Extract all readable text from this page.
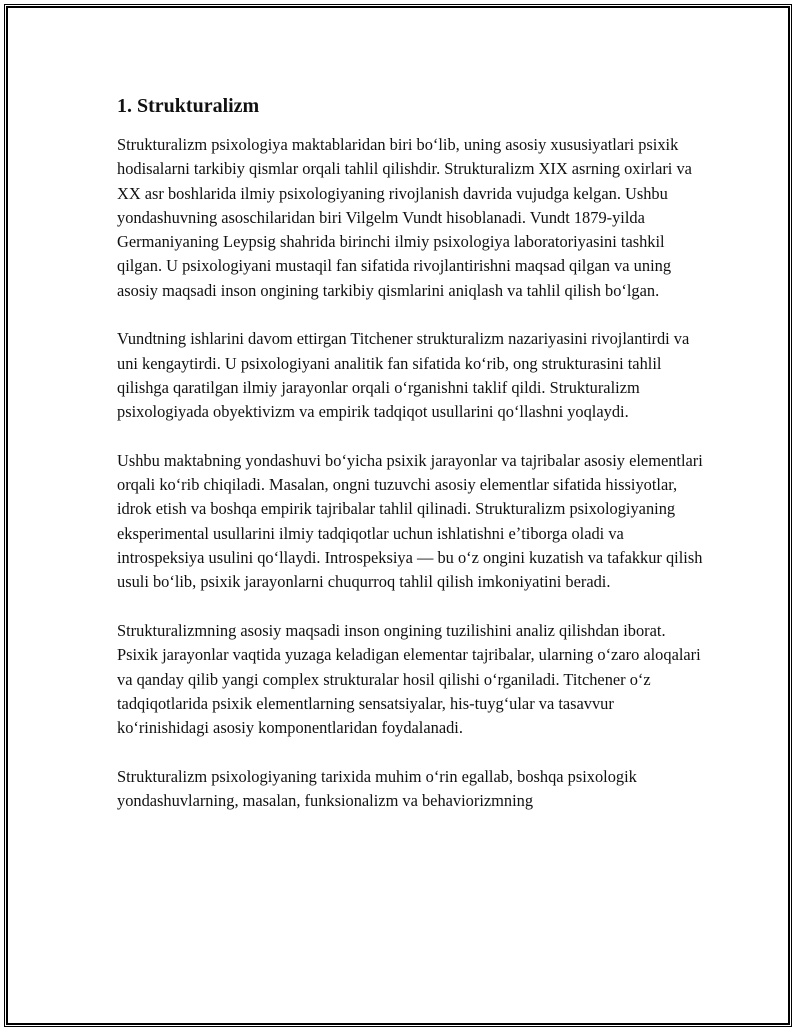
1. Strukturalizm

Strukturalizm psixologiya maktablaridan biri boʻlib, uning asosiy xususiyatlari psixik hodisalarni tarkibiy qismlar orqali tahlil qilishdir. Strukturalizm XIX asrning oxirlari va XX asr boshlarida ilmiy psixologiyaning rivojlanish davrida vujudga kelgan. Ushbu yondashuvning asoschilaridan biri Vilgelm Vundt hisoblanadi. Vundt 1879-yilda Germaniyaning Leypsig shahrida birinchi ilmiy psixologiya laboratoriyasini tashkil qilgan. U psixologiyani mustaqil fan sifatida rivojlantirishni maqsad qilgan va uning asosiy maqsadi inson ongining tarkibiy qismlarini aniqlash va tahlil qilish boʻlgan.

Vundtning ishlarini davom ettirgan Titchener strukturalizm nazariyasini rivojlantirdi va uni kengaytirdi. U psixologiyani analitik fan sifatida koʻrib, ong strukturasini tahlil qilishga qaratilgan ilmiy jarayonlar orqali oʻrganishni taklif qildi. Strukturalizm psixologiyada obyektivizm va empirik tadqiqot usullarini qoʻllashni yoqlaydi.

Ushbu maktabning yondashuvi boʻyicha psixik jarayonlar va tajribalar asosiy elementlari orqali koʻrib chiqiladi. Masalan, ongni tuzuvchi asosiy elementlar sifatida hissiyotlar, idrok etish va boshqa empirik tajribalar tahlil qilinadi. Strukturalizm psixologiyaning eksperimental usullarini ilmiy tadqiqotlar uchun ishlatishni eʼtiborga oladi va introspeksiya usulini qoʻllaydi. Introspeksiya — bu oʻz ongini kuzatish va tafakkur qilish usuli boʻlib, psixik jarayonlarni chuqurroq tahlil qilish imkoniyatini beradi.

Strukturalizmning asosiy maqsadi inson ongining tuzilishini analiz qilishdan iborat. Psixik jarayonlar vaqtida yuzaga keladigan elementar tajribalar, ularning oʻzaro aloqalari va qanday qilib yangi complex strukturalar hosil qilishi oʻrganiladi. Titchener oʻz tadqiqotlarida psixik elementlarning sensatsiyalar, his-tuygʻular va tasavvur koʻrinishidagi asosiy komponentlaridan foydalanadi.

Strukturalizm psixologiyaning tarixida muhim oʻrin egallab, boshqa psixologik yondashuvlarning, masalan, funksionalizm va behaviorizmning
